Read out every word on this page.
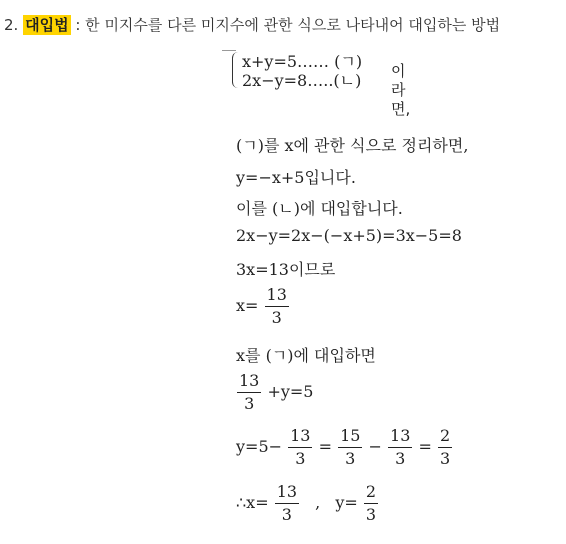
2. 대입법 : 한 미지수를 다른 미지수에 관한 식으로 나타내어 대입하는 방법
x+y=5…… (ㄱ)
2x−y=8…..(ㄴ) 이라면,
(ㄱ)를 x에 관한 식으로 정리하면,
y=−x+5입니다.
이를 (ㄴ)에 대입합니다.
2x−y=2x−(−x+5)=3x−5=8
3x=13이므로
$x= \frac{13}{3}$
x를 (ㄱ)에 대입하면
$\frac{13}{3} +y=5$
$y=5- \frac{13}{3} = \frac{15}{3} - \frac{13}{3} = \frac{2}{3}$
∴x= $\frac{13}{3}$ , $y= \frac{2}{3}$
